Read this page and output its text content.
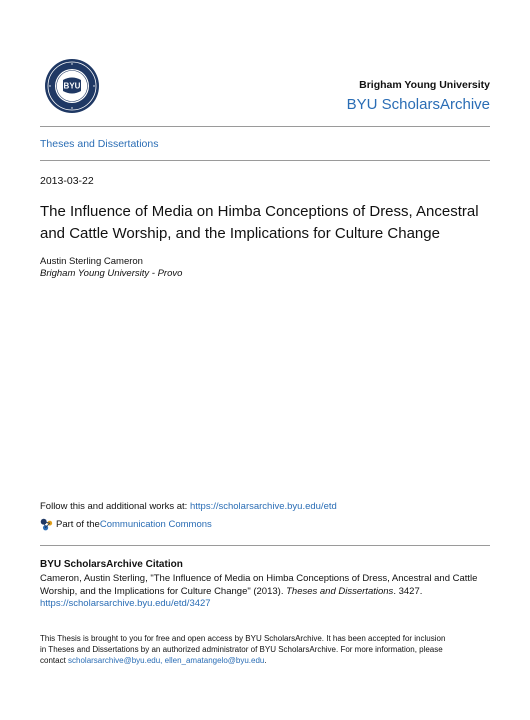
BYU	Brigham Young University
BYU ScholarsArchive
Theses and Dissertations
2013-03-22
The Influence of Media on Himba Conceptions of Dress, Ancestral
and Cattle Worship, and the Implications for Culture Change
Austin Sterling Cameron
Brigham Young University - Provo
Follow this and additional works at: https://scholarsarchive.byu.edu/etd
Part of the Communication Commons
BYU ScholarsArchive Citation
Cameron, Austin Sterling, "The Influence of Media on Himba Conceptions of Dress, Ancestral and Cattle
Worship, and the Implications for Culture Change" (2013). Theses and Dissertations. 3427.
https://scholarsarchive.byu.edu/etd/3427
This Thesis is brought to you for free and open access by BYU ScholarsArchive. It has been accepted for inclusion
in Theses and Dissertations by an authorized administrator of BYU ScholarsArchive. For more information, please
contact scholarsarchive@byu.edu, ellen_amatangelo@byu.edu.
